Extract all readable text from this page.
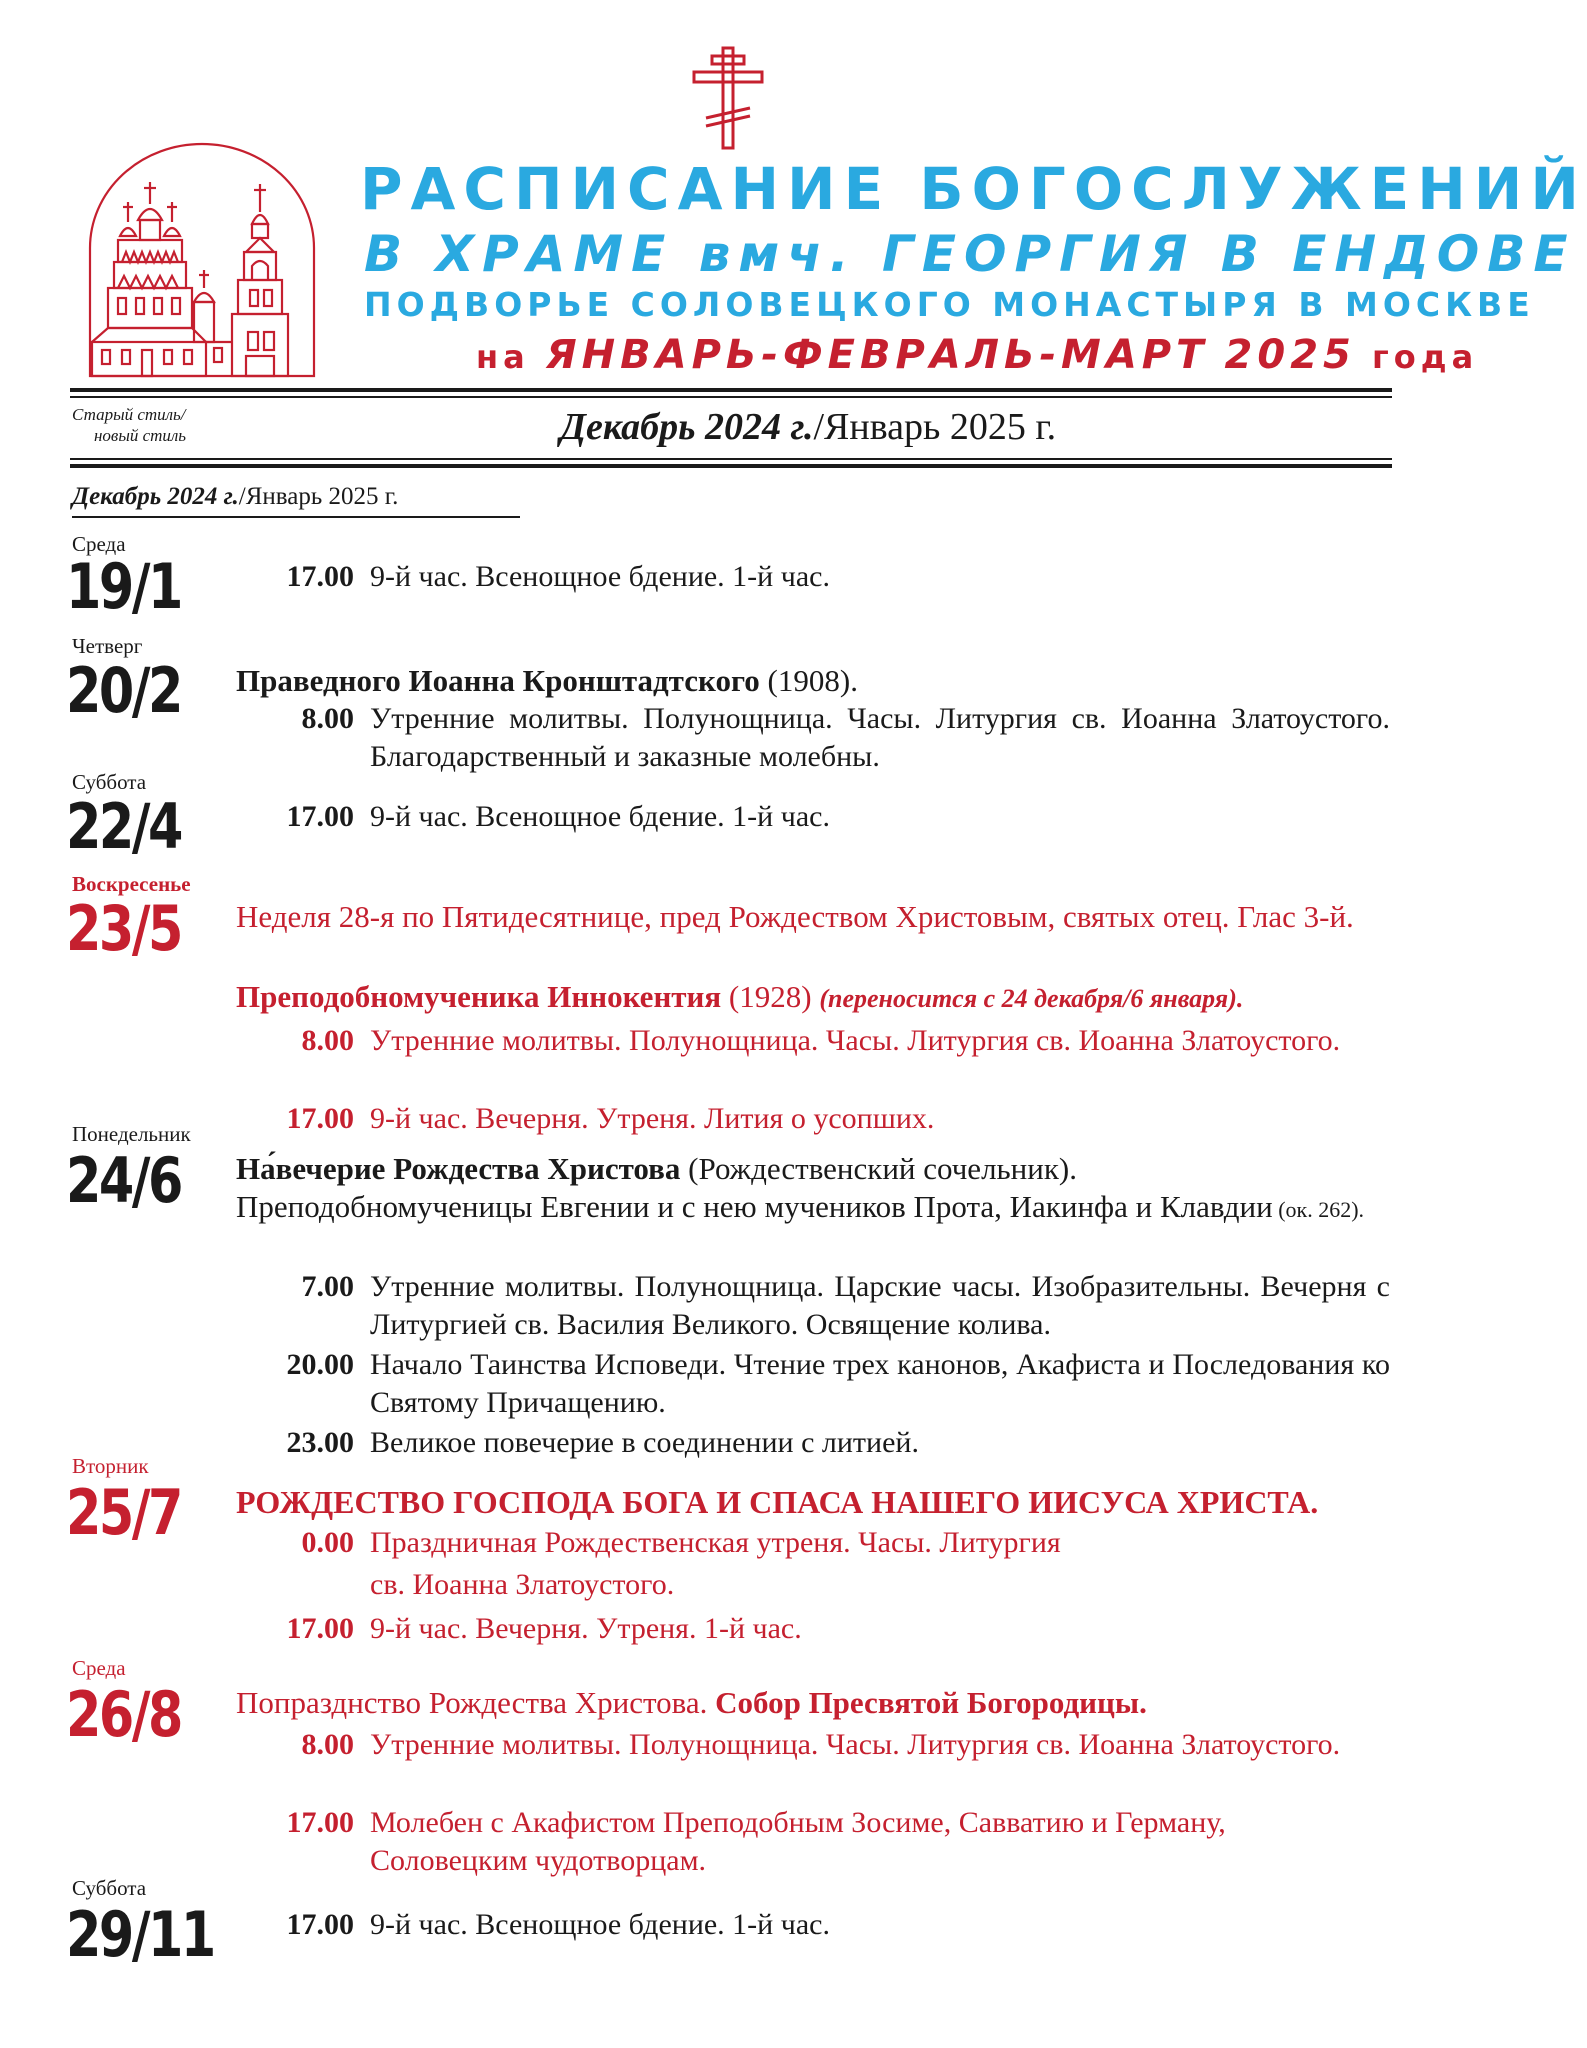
РАСПИСАНИЕ БОГОСЛУЖЕНИЙ
В ХРАМЕ вмч. ГЕОРГИЯ В ЕНДОВЕ
ПОДВОРЬЕ СОЛОВЕЦКОГО МОНАСТЫРЯ В МОСКВЕ
на ЯНВАРЬ-ФЕВРАЛЬ-МАРТ 2025 года
Старый стиль/
новый стиль	Декабрь 2024 г./Январь 2025 г.
Декабрь 2024 г./Январь 2025 г.
Среда
19/1	17.00 9-й час. Всенощное бдение. 1-й час.
Четверг
20/2 Праведного Иоанна Кронштадтского (1908).
8.00 Утренние молитвы. Полунощница. Часы. Литургия св. Иоанна Златоустого. Благодарственный и заказные молебны.
Суббота
22/4	17.00 9-й час. Всенощное бдение. 1-й час.
Воскресенье
23/5 Неделя 28-я по Пятидесятнице, пред Рождеством Христовым, святых отец. Глас 3-й.
Преподобномученика Иннокентия (1928) (переносится с 24 декабря/6 января).
8.00 Утренние молитвы. Полунощница. Часы. Литургия св. Иоанна Златоустого.
17.00 9-й час. Вечерня. Утреня. Лития о усопших.
Понедельник
24/6 На́вечерие Рождества Христова (Рождественский сочельник).
Преподобномученицы Евгении и с нею мучеников Прота, Иакинфа и Клавдии (ок. 262).
7.00 Утренние молитвы. Полунощница. Царские часы. Изобразительны. Вечерня с Литургией св. Василия Великого. Освящение колива.
20.00 Начало Таинства Исповеди. Чтение трех канонов, Акафиста и Последования ко Святому Причащению.
23.00 Великое повечерие в соединении с литией.
Вторник
25/7 РОЖДЕСТВО ГОСПОДА БОГА И СПАСА НАШЕГО ИИСУСА ХРИСТА.
0.00 Праздничная Рождественская утреня. Часы. Литургия
св. Иоанна Златоустого.
17.00 9-й час. Вечерня. Утреня. 1-й час.
Среда
26/8 Попразднство Рождества Христова. Собор Пресвятой Богородицы.
8.00 Утренние молитвы. Полунощница. Часы. Литургия св. Иоанна Златоустого.
17.00 Молебен с Акафистом Преподобным Зосиме, Савватию и Герману, Соловецким чудотворцам.
Суббота
29/11 17.00 9-й час. Всенощное бдение. 1-й час.
